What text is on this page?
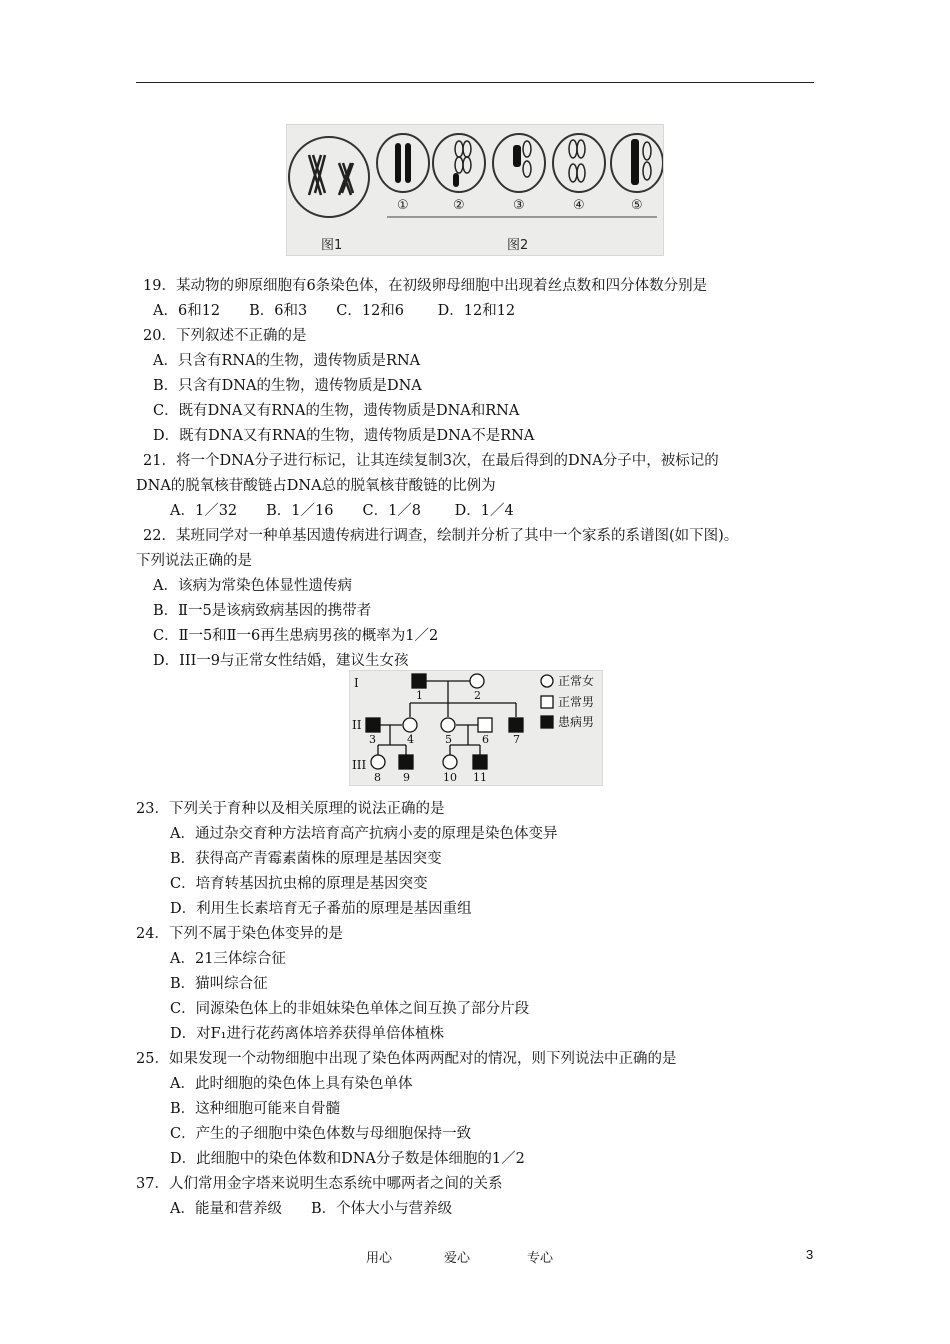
①	②	③	④	⑤
图1	图2
19．某动物的卵原细胞有6条染色体，在初级卵母细胞中出现着丝点数和四分体数分别是
A．6和12　　B．6和3　　C．12和6　　 D．12和12
20．下列叙述不正确的是
A．只含有RNA的生物，遗传物质是RNA
B．只含有DNA的生物，遗传物质是DNA
C．既有DNA又有RNA的生物，遗传物质是DNA和RNA
D．既有DNA又有RNA的生物，遗传物质是DNA不是RNA
21．将一个DNA分子进行标记，让其连续复制3次，在最后得到的DNA分子中，被标记的
DNA的脱氧核苷酸链占DNA总的脱氧核苷酸链的比例为
A．1／32　　B．1／16　　C．1／8　　 D．1／4
22．某班同学对一种单基因遗传病进行调查，绘制并分析了其中一个家系的系谱图(如下图)。
下列说法正确的是
A．该病为常染色体显性遗传病
B．Ⅱ一5是该病致病基因的携带者
C．Ⅱ一5和Ⅱ一6再生患病男孩的概率为1／2
D．III一9与正常女性结婚，建议生女孩
I
II
III
1	2
3	4	5	6 7
8 9	10 11
正常女
正常男
患病男
23．下列关于育种以及相关原理的说法正确的是
A．通过杂交育种方法培育高产抗病小麦的原理是染色体变异
B．获得高产青霉素菌株的原理是基因突变
C．培育转基因抗虫棉的原理是基因突变
D．利用生长素培育无子番茄的原理是基因重组
24．下列不属于染色体变异的是
A．21三体综合征
B．猫叫综合征
C．同源染色体上的非姐妹染色单体之间互换了部分片段
D．对F₁进行花药离体培养获得单倍体植株
25．如果发现一个动物细胞中出现了染色体两两配对的情况，则下列说法中正确的是
A．此时细胞的染色体上具有染色单体
B．这种细胞可能来自骨髓
C．产生的子细胞中染色体数与母细胞保持一致
D．此细胞中的染色体数和DNA分子数是体细胞的1／2
37．人们常用金字塔来说明生态系统中哪两者之间的关系
A．能量和营养级　　B．个体大小与营养级
用心	爱心	专心	3
